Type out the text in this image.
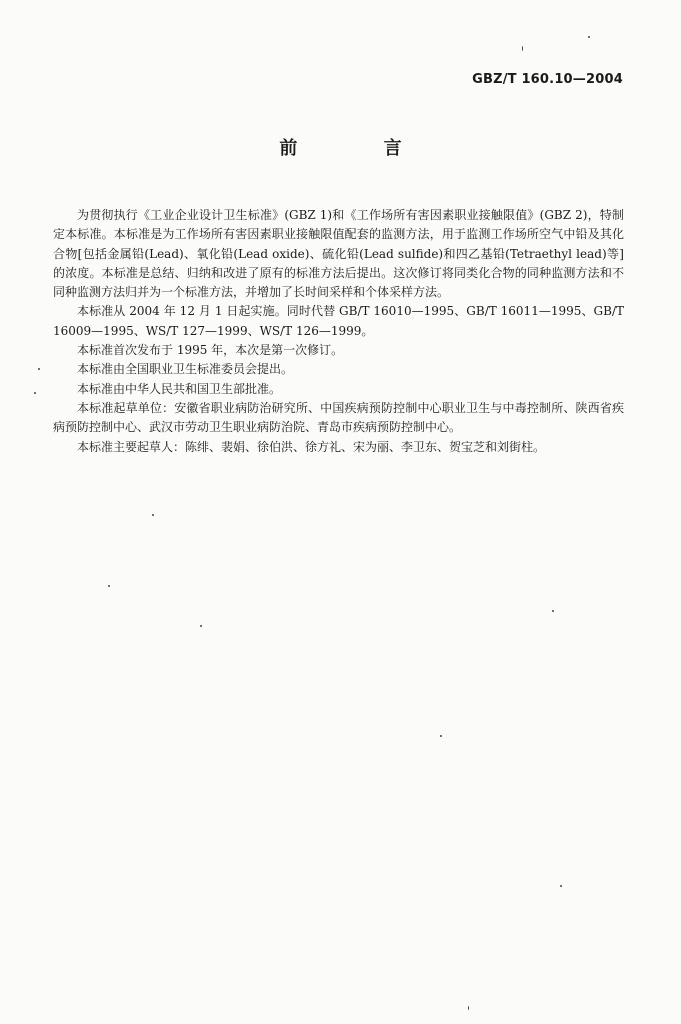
GBZ/T 160.10—2004
前 言

为贯彻执行《工业企业设计卫生标准》(GBZ 1)和《工作场所有害因素职业接触限值》(GBZ 2)，特制定本标准。本标准是为工作场所有害因素职业接触限值配套的监测方法，用于监测工作场所空气中铅及其化合物[包括金属铅(Lead)、氧化铅(Lead oxide)、硫化铅(Lead sulfide)和四乙基铅(Tetraethyl lead)等]的浓度。本标准是总结、归纳和改进了原有的标准方法后提出。这次修订将同类化合物的同种监测方法和不同种监测方法归并为一个标准方法，并增加了长时间采样和个体采样方法。

本标准从 2004 年 12 月 1 日起实施。同时代替 GB/T 16010—1995、GB/T 16011—1995、GB/T 16009—1995、WS/T 127—1999、WS/T 126—1999。

本标准首次发布于 1995 年，本次是第一次修订。

本标准由全国职业卫生标准委员会提出。

本标准由中华人民共和国卫生部批准。

本标准起草单位：安徽省职业病防治研究所、中国疾病预防控制中心职业卫生与中毒控制所、陕西省疾病预防控制中心、武汉市劳动卫生职业病防治院、青岛市疾病预防控制中心。

本标准主要起草人：陈绯、裴娟、徐伯洪、徐方礼、宋为丽、李卫东、贺宝芝和刘街柱。
